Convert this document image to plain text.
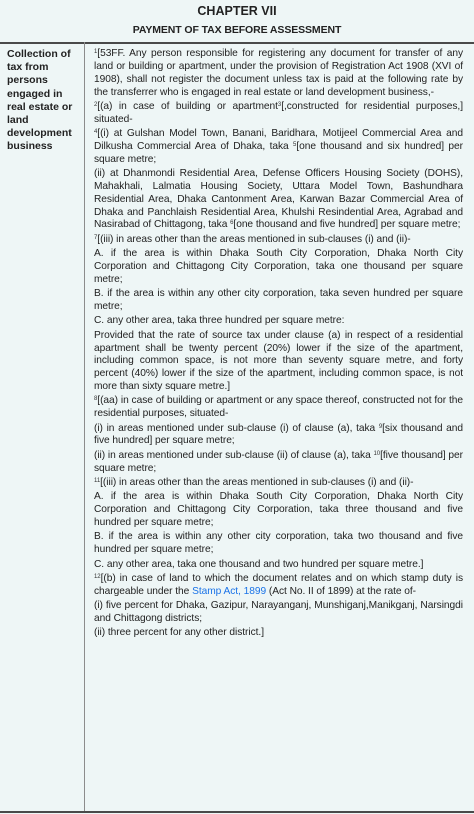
CHAPTER VII
PAYMENT OF TAX BEFORE ASSESSMENT
Collection of tax from persons engaged in real estate or land development business

$^1$[53FF. Any person responsible for registering any document for transfer of any land or building or apartment, under the provision of Registration Act 1908 (XVI of 1908), shall not register the document unless tax is paid at the following rate by the transferrer who is engaged in real estate or land development business,-

$^2$[(a) in case of building or apartment$^3$[,constructed for residential purposes,] situated-

$^4$[(i) at Gulshan Model Town, Banani, Baridhara, Motijeel Commercial Area and Dilkusha Commercial Area of Dhaka, taka $^5$[one thousand and six hundred] per square metre;

(ii) at Dhanmondi Residential Area, Defense Officers Housing Society (DOHS), Mahakhali, Lalmatia Housing Society, Uttara Model Town, Bashundhara Residential Area, Dhaka Cantonment Area, Karwan Bazar Commercial Area of Dhaka and Panchlaish Residential Area, Khulshi Resindential Area, Agrabad and Nasirabad of Chittagong, taka $^6$[one thousand and five hundred] per square metre;

$^7$[(iii) in areas other than the areas mentioned in sub-clauses (i) and (ii)-

A. if the area is within Dhaka South City Corporation, Dhaka North City Corporation and Chittagong City Corporation, taka one thousand per square metre;

B. if the area is within any other city corporation, taka seven hundred per square metre;

C. any other area, taka three hundred per square metre:

Provided that the rate of source tax under clause (a) in respect of a residential apartment shall be twenty percent (20%) lower if the size of the apartment, including common space, is not more than seventy square metre, and forty percent (40%) lower if the size of the apartment, including common space, is not more than sixty square metre.]

$^8$[(aa) in case of building or apartment or any space thereof, constructed not for the residential purposes, situated-

(i) in areas mentioned under sub-clause (i) of clause (a), taka $^9$[six thousand and five hundred] per square metre;

(ii) in areas mentioned under sub-clause (ii) of clause (a), taka $^{10}$[five thousand] per square metre;

$^{11}$[(iii) in areas other than the areas mentioned in sub-clauses (i) and (ii)-

A. if the area is within Dhaka South City Corporation, Dhaka North City Corporation and Chittagong City Corporation, taka three thousand and five hundred per square metre;

B. if the area is within any other city corporation, taka two thousand and five hundred per square metre;

C. any other area, taka one thousand and two hundred per square metre.]

$^{12}$[(b) in case of land to which the document relates and on which stamp duty is chargeable under the Stamp Act, 1899 (Act No. II of 1899) at the rate of-

(i) five percent for Dhaka, Gazipur, Narayanganj, Munshiganj,Manikganj, Narsingdi and Chittagong districts;

(ii) three percent for any other district.]
